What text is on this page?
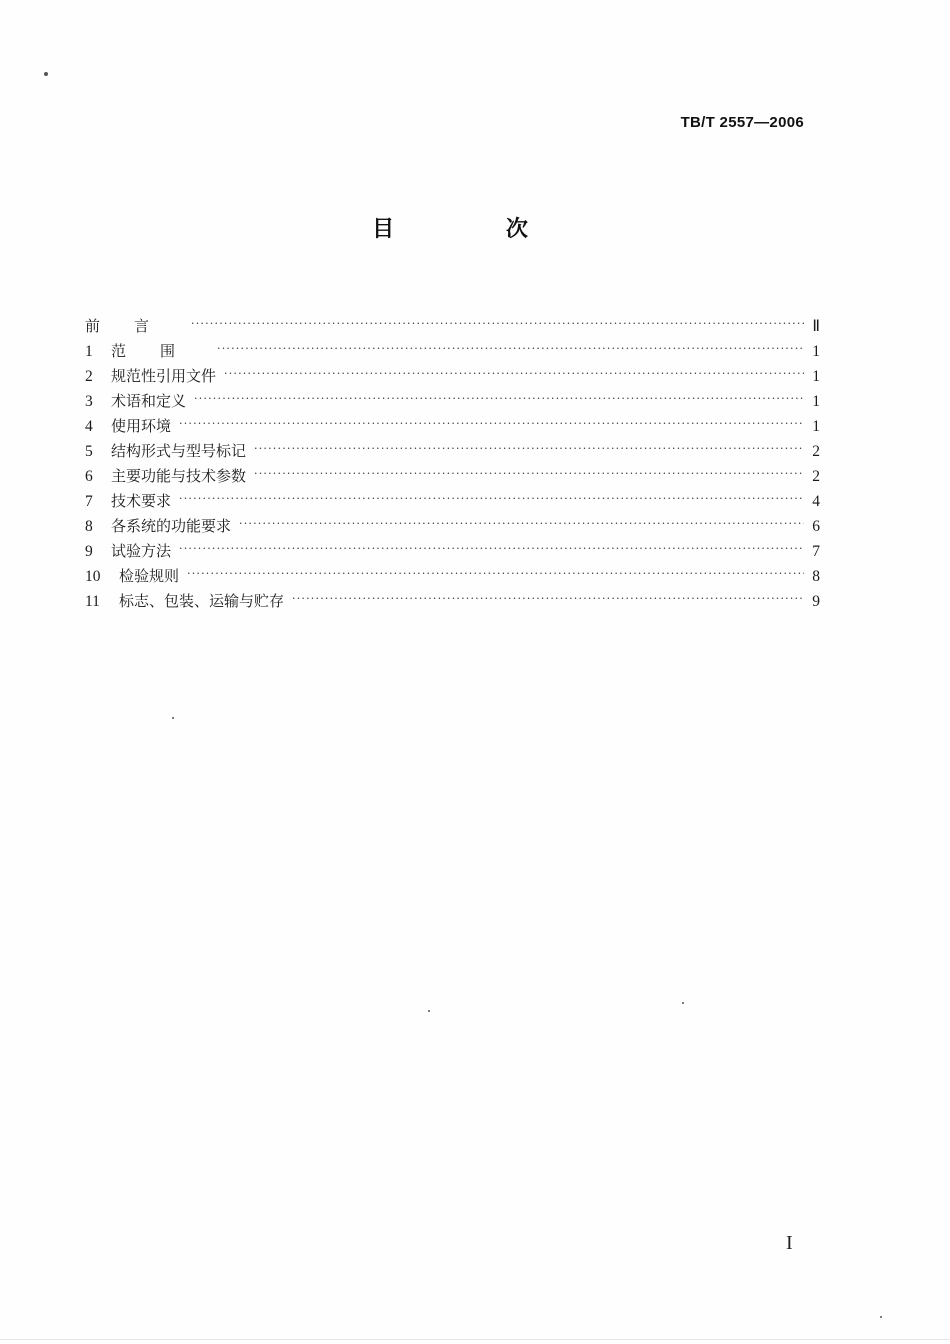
TB/T 2557—2006
目 次
前言 ·····	Ⅱ
1	范围 ·····	1
2	规范性引用文件 ·····	1
3	术语和定义 ·····	1
4	使用环境 ·····	1
5	结构形式与型号标记 ·····	2
6	主要功能与技术参数 ·····	2
7	技术要求 ·····	4
8	各系统的功能要求 ·····	6
9	试验方法 ·····	7
10	检验规则 ·····	8
11	标志、包装、运输与贮存 ·····	9
I
